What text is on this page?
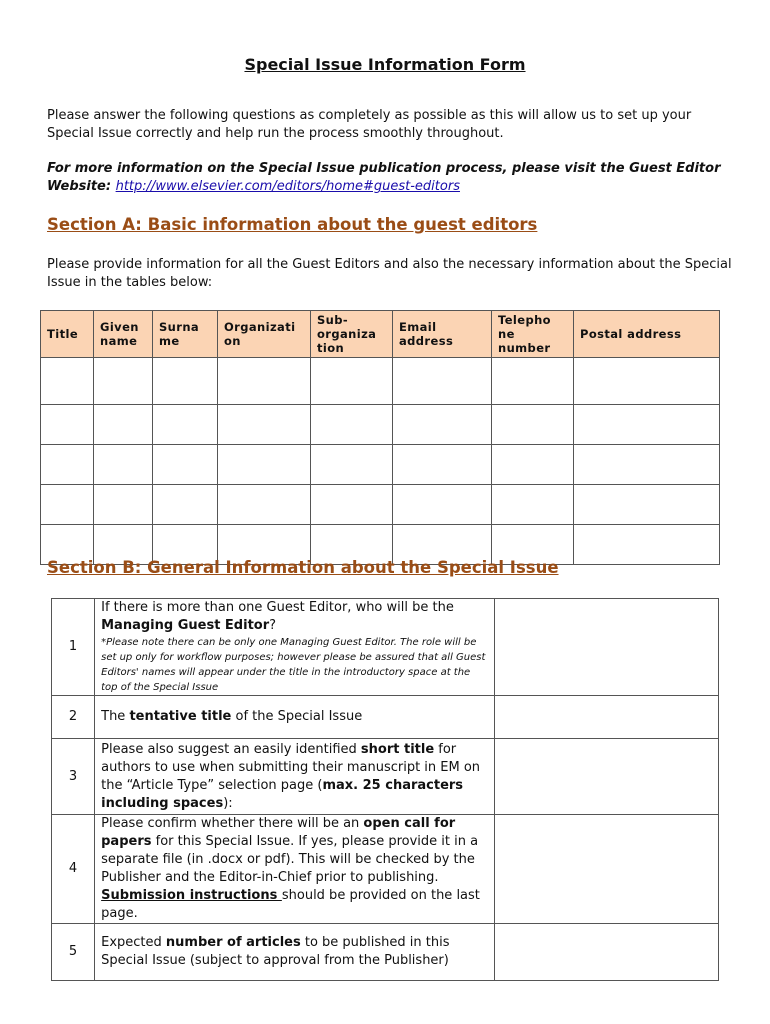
Special Issue Information Form
Please answer the following questions as completely as possible as this will allow us to set up your Special Issue correctly and help run the process smoothly throughout.
For more information on the Special Issue publication process, please visit the Guest Editor Website: http://www.elsevier.com/editors/home#guest-editors
Section A: Basic information about the guest editors
Please provide information for all the Guest Editors and also the necessary information about the Special Issue in the tables below:
Title	Given name	Surna me	Organizati on	Sub-organiza tion	Email address	Telepho ne number	Postal address

Section B: General Information about the Special Issue
1	If there is more than one Guest Editor, who will be the Managing Guest Editor?
*Please note there can be only one Managing Guest Editor. The role will be set up only for workflow purposes; however please be assured that all Guest Editors' names will appear under the title in the introductory space at the top of the Special Issue	

2	The tentative title of the Special Issue	
3	Please also suggest an easily identified short title for authors to use when submitting their manuscript in EM on the “Article Type” selection page (max. 25 characters including spaces):	
4	Please confirm whether there will be an open call for papers for this Special Issue. If yes, please provide it in a separate file (in .docx or pdf). This will be checked by the Publisher and the Editor-in-Chief prior to publishing. Submission instructions should be provided on the last page.	
5	Expected number of articles to be published in this Special Issue (subject to approval from the Publisher)	
